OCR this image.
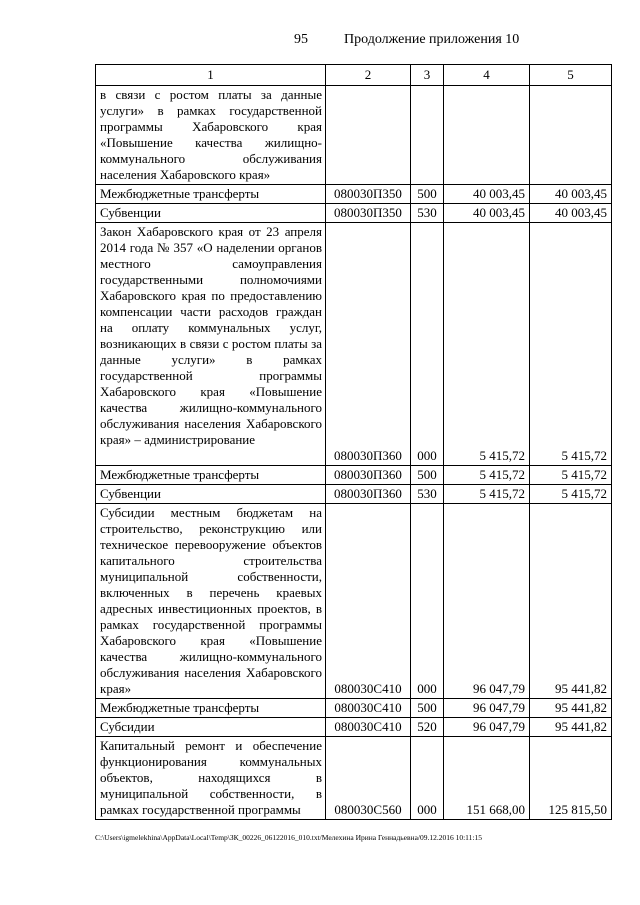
95	Продолжение приложения 10
1	2	3	4	5
в связи с ростом платы за данные услуги» в рамках государственной программы Хабаровского края «Повышение качества жилищно-коммунального обслуживания населения Хабаровского края»				
Межбюджетные трансферты	080030П350	500	40 003,45	40 003,45
Субвенции	080030П350	530	40 003,45	40 003,45
Закон Хабаровского края от 23 апреля 2014 года № 357 «О наделении органов местного самоуправления государственными полномочиями Хабаровского края по предоставлению компенсации части расходов граждан на оплату коммунальных услуг, возникающих в связи с ростом платы за данные услуги» в рамках государственной программы Хабаровского края «Повышение качества жилищно-коммунального обслуживания населения Хабаровского края» – администрирование	080030П360	000	5 415,72	5 415,72
Межбюджетные трансферты	080030П360	500	5 415,72	5 415,72
Субвенции	080030П360	530	5 415,72	5 415,72
Субсидии местным бюджетам на строительство, реконструкцию или техническое перевооружение объектов капитального строительства муниципальной собственности, включенных в перечень краевых адресных инвестиционных проектов, в рамках государственной программы Хабаровского края «Повышение качества жилищно-коммунального обслуживания населения Хабаровского края»	080030С410	000	96 047,79	95 441,82
Межбюджетные трансферты	080030С410	500	96 047,79	95 441,82
Субсидии	080030С410	520	96 047,79	95 441,82
Капитальный ремонт и обеспечение функционирования коммунальных объектов, находящихся в муниципальной собственности, в рамках государственной программы	080030С560	000	151 668,00	125 815,50
C:\Users\igmelekhina\AppData\Local\Temp\ЗК_00226_06122016_010.txt/Мелехина Ирина Геннадьевна/09.12.2016 10:11:15
